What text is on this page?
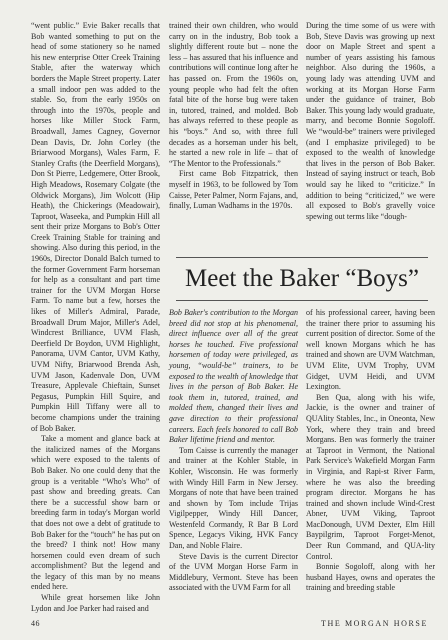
“went public.” Evie Baker recalls that Bob wanted something to put on the head of some stationery so he named his new enterprise Otter Creek Training Stable, after the waterway which borders the Maple Street property. Later a small indoor pen was added to the stable. So, from the early 1950s on through into the 1970s, people and horses like Miller Stock Farm, Broadwall, James Cagney, Governor Dean Davis, Dr. John Corley (the Briarwood Morgans), Wales Farm, F. Stanley Crafts (the Deerfield Morgans), Don St Pierre, Ledgemere, Otter Brook, High Meadows, Rosemary Colgate (the Oldwick Morgans), Jim Wolcott (Hip Heath), the Chickerings (Meadowair), Taproot, Waseeka, and Pumpkin Hill all sent their prize Morgans to Bob's Otter Creek Training Stable for training and showing. Also during this period, in the 1960s, Director Donald Balch turned to the former Government Farm horseman for help as a consultant and part time trainer for the UVM Morgan Horse Farm. To name but a few, horses the likes of Miller's Admiral, Parade, Broadwall Drum Major, Miller's Adel, Windcrest Brilliance, UVM Flash, Deerfield Dr Boydon, UVM Highlight, Panorama, UVM Cantor, UVM Kathy, UVM Nifty, Briarwood Brenda Ash, UVM Jason, Kadenvale Don, UVM Treasure, Applevale Chieftain, Sunset Pegasus, Pumpkin Hill Squire, and Pumpkin Hill Tiffany were all to become champions under the training of Bob Baker.

Take a moment and glance back at the italicized names of the Morgans which were exposed to the talents of Bob Baker. No one could deny that the group is a veritable “Who's Who” of past show and breeding greats. Can there be a successful show barn or breeding farm in today's Morgan world that does not owe a debt of gratitude to Bob Baker for the “touch” he has put on the breed? I think not! How many horsemen could even dream of such accomplishment? But the legend and the legacy of this man by no means ended here.

While great horsemen like John Lydon and Joe Parker had raised and

trained their own children, who would carry on in the industry, Bob took a slightly different route but – none the less – has assured that his influence and contributions will continue long after he has passed on. From the 1960s on, young people who had felt the often fatal bite of the horse bug were taken in, tutored, trained, and molded. Bob has always referred to these people as his “boys.” And so, with three full decades as a horseman under his belt, he started a new role in life – that of “The Mentor to the Professionals.”

First came Bob Fitzpatrick, then myself in 1963, to be followed by Tom Caisse, Peter Palmer, Norm Fajans, and, finally, Luman Wadhams in the 1970s.

During the time some of us were with Bob, Steve Davis was growing up next door on Maple Street and spent a number of years assisting his famous neighbor. Also during the 1960s, a young lady was attending UVM and working at its Morgan Horse Farm under the guidance of trainer, Bob Baker. This young lady would graduate, marry, and become Bonnie Sogoloff. We “would-be” trainers were privileged (and I emphasize privileged) to be exposed to the wealth of knowledge that lives in the person of Bob Baker. Instead of saying instruct or teach, Bob would say he liked to “criticize.” In addition to being “criticized,” we were all exposed to Bob's gravelly voice spewing out terms like “dough-

Meet the Baker “Boys”

Bob Baker's contribution to the Morgan breed did not stop at his phenomenal, direct influence over all of the great horses he touched. Five professional horsemen of today were privileged, as young, “would-be” trainers, to be exposed to the wealth of knowledge that lives in the person of Bob Baker. He took them in, tutored, trained, and molded them, changed their lives and gave direction to their professional careers. Each feels honored to call Bob Baker lifetime friend and mentor.

Tom Caisse is currently the manager and trainer at the Kohler Stable, in Kohler, Wisconsin. He was formerly with Windy Hill Farm in New Jersey. Morgans of note that have been trained and shown by Tom include Trijas Vigilpepper, Windy Hill Dancer, Westenfeld Cormandy, R Bar B Lord Spence, Legacys Viking, HVK Fancy Dan, and Noble Flaire.

Steve Davis is the current Director of the UVM Morgan Horse Farm in Middlebury, Vermont. Steve has been associated with the UVM Farm for all

of his professional career, having been the trainer there prior to assuming his current position of director. Some of the well known Morgans which he has trained and shown are UVM Watchman, UVM Elite, UVM Trophy, UVM Gidget, UVM Heidi, and UVM Lexington.

Ben Qua, along with his wife, Jackie, is the owner and trainer of QUAlity Stables, Inc., in Oneonta, New York, where they train and breed Morgans. Ben was formerly the trainer at Taproot in Vermont, the National Park Service's Wakefield Morgan Farm in Virginia, and Rapi-st River Farm, where he was also the breeding program director. Morgans he has trained and shown include Wind-Crest Abner, UVM Viking, Taproot MacDonough, UVM Dexter, Elm Hill Baypilgrim, Taproot Forget-Menot, Deer Run Command, and QUA-lity Control.

Bonnie Sogoloff, along with her husband Hayes, owns and operates the training and breeding stable

46	THE MORGAN HORSE
